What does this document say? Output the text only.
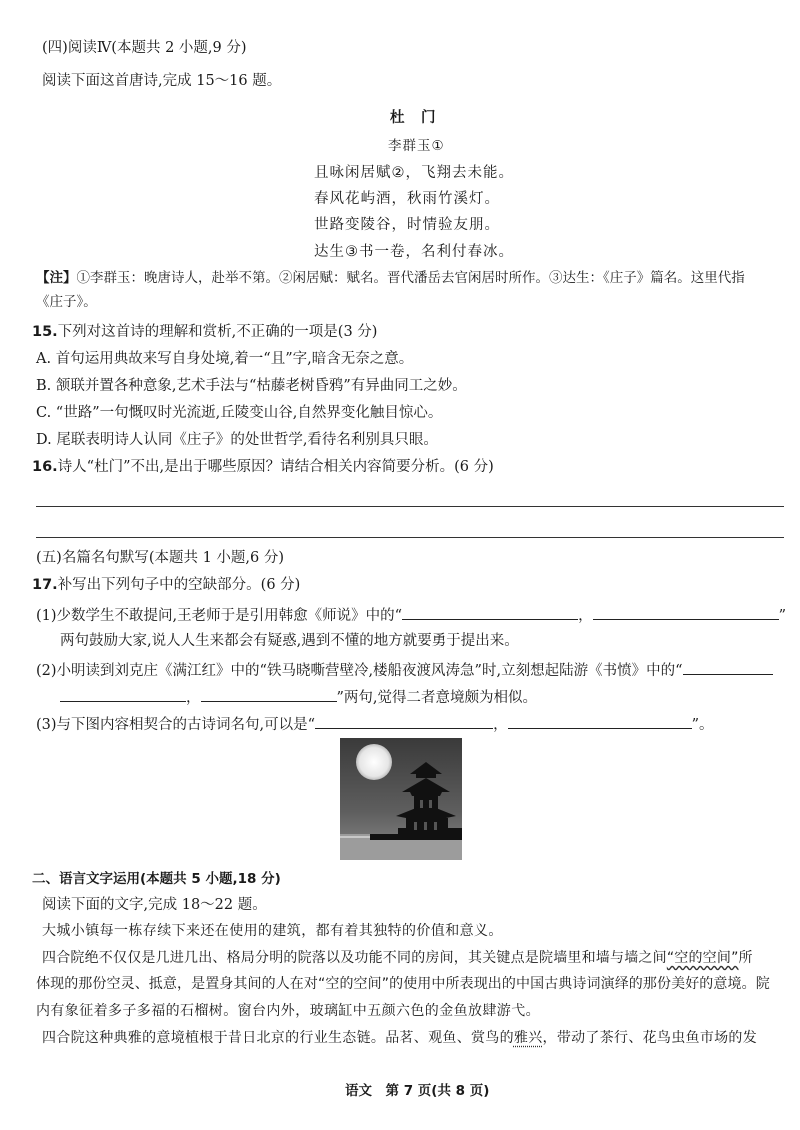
(四)阅读Ⅳ(本题共 2 小题,9 分)
阅读下面这首唐诗,完成 15～16 题。
杜　门
李群玉①
且咏闲居赋②，飞翔去未能。
春风花屿酒，秋雨竹溪灯。
世路变陵谷，时情验友朋。
达生③书一卷，名利付春冰。
【注】①李群玉：晚唐诗人，赴举不第。②闲居赋：赋名。晋代潘岳去官闲居时所作。③达生：《庄子》篇名。这里代指
《庄子》。
15.下列对这首诗的理解和赏析,不正确的一项是(3 分)
A. 首句运用典故来写自身处境,着一“且”字,暗含无奈之意。
B. 颔联并置各种意象,艺术手法与“枯藤老树昏鸦”有异曲同工之妙。
C. “世路”一句慨叹时光流逝,丘陵变山谷,自然界变化触目惊心。
D. 尾联表明诗人认同《庄子》的处世哲学,看待名利别具只眼。
16.诗人“杜门”不出,是出于哪些原因？请结合相关内容简要分析。(6 分)
(五)名篇名句默写(本题共 1 小题,6 分)
17.补写出下列句子中的空缺部分。(6 分)
(1)少数学生不敢提问,王老师于是引用韩愈《师说》中的“	，	”
两句鼓励大家,说人人生来都会有疑惑,遇到不懂的地方就要勇于提出来。
(2)小明读到刘克庄《满江红》中的“铁马晓嘶营壁冷,楼船夜渡风涛急”时,立刻想起陆游《书愤》中的“
，	”两句,觉得二者意境颇为相似。
(3)与下图内容相契合的古诗词名句,可以是“	，	”。
二、语言文字运用(本题共 5 小题,18 分)
阅读下面的文字,完成 18～22 题。
大城小镇每一栋存续下来还在使用的建筑，都有着其独特的价值和意义。
四合院绝不仅仅是几进几出、格局分明的院落以及功能不同的房间，其关键点是院墙里和墙与墙之间“空的空间”所
体现的那份空灵、抵意，是置身其间的人在对“空的空间”的使用中所表现出的中国古典诗词演绎的那份美好的意境。院
内有象征着多子多福的石榴树。窗台内外，玻璃缸中五颜六色的金鱼放肆游弋。
四合院这种典雅的意境植根于昔日北京的行业生态链。品茗、观鱼、赏鸟的雅兴，带动了茶行、花鸟虫鱼市场的发
语文　第 7 页(共 8 页)
